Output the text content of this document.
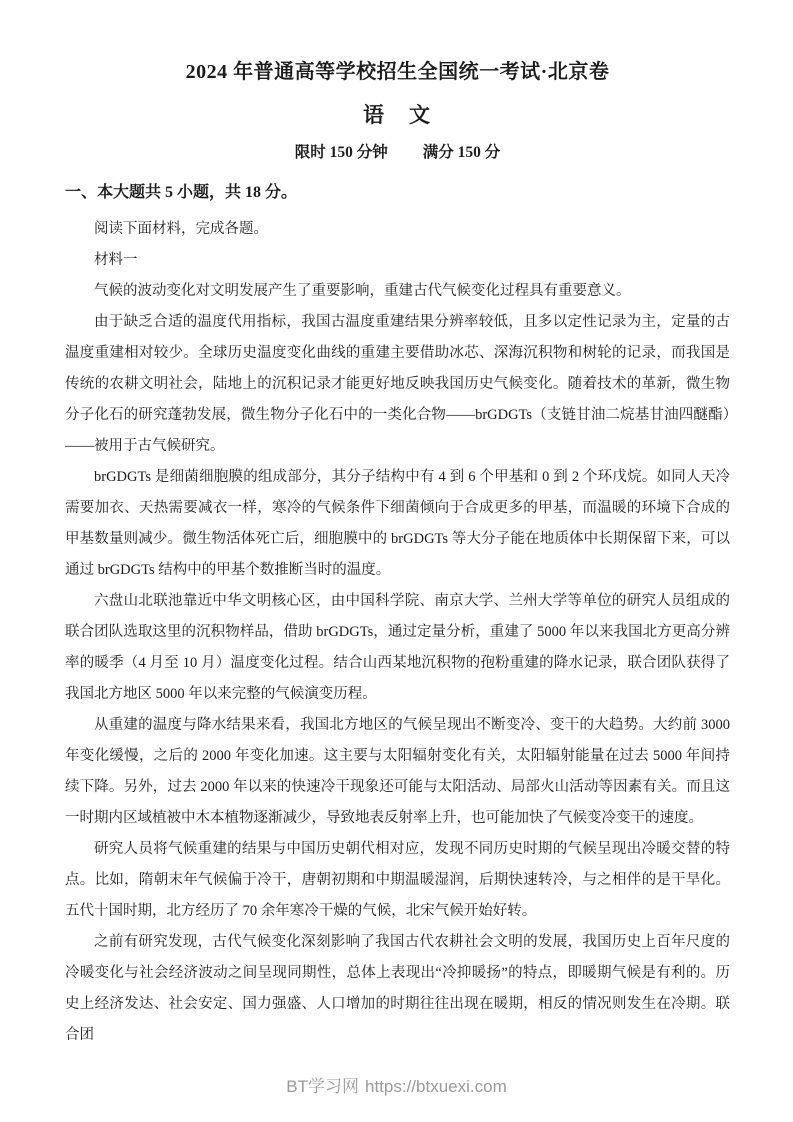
2024 年普通高等学校招生全国统一考试·北京卷
语　文
限时 150 分钟 满分 150 分
一、本大题共 5 小题，共 18 分。

阅读下面材料，完成各题。

材料一

气候的波动变化对文明发展产生了重要影响，重建古代气候变化过程具有重要意义。

由于缺乏合适的温度代用指标，我国古温度重建结果分辨率较低，且多以定性记录为主，定量的古温度重建相对较少。全球历史温度变化曲线的重建主要借助冰芯、深海沉积物和树轮的记录，而我国是传统的农耕文明社会，陆地上的沉积记录才能更好地反映我国历史气候变化。随着技术的革新，微生物分子化石的研究蓬勃发展，微生物分子化石中的一类化合物——brGDGTs（支链甘油二烷基甘油四醚酯）——被用于古气候研究。

brGDGTs 是细菌细胞膜的组成部分，其分子结构中有 4 到 6 个甲基和 0 到 2 个环戊烷。如同人天冷需要加衣、天热需要减衣一样，寒冷的气候条件下细菌倾向于合成更多的甲基，而温暖的环境下合成的甲基数量则减少。微生物活体死亡后，细胞膜中的 brGDGTs 等大分子能在地质体中长期保留下来，可以通过 brGDGTs 结构中的甲基个数推断当时的温度。

六盘山北联池靠近中华文明核心区，由中国科学院、南京大学、兰州大学等单位的研究人员组成的联合团队选取这里的沉积物样品，借助 brGDGTs，通过定量分析，重建了 5000 年以来我国北方更高分辨率的暖季（4 月至 10 月）温度变化过程。结合山西某地沉积物的孢粉重建的降水记录，联合团队获得了我国北方地区 5000 年以来完整的气候演变历程。

从重建的温度与降水结果来看，我国北方地区的气候呈现出不断变冷、变干的大趋势。大约前 3000 年变化缓慢，之后的 2000 年变化加速。这主要与太阳辐射变化有关，太阳辐射能量在过去 5000 年间持续下降。另外，过去 2000 年以来的快速冷干现象还可能与太阳活动、局部火山活动等因素有关。而且这一时期内区域植被中木本植物逐渐减少，导致地表反射率上升，也可能加快了气候变冷变干的速度。

研究人员将气候重建的结果与中国历史朝代相对应，发现不同历史时期的气候呈现出冷暖交替的特点。比如，隋朝末年气候偏于冷干，唐朝初期和中期温暖湿润，后期快速转冷，与之相伴的是干旱化。五代十国时期，北方经历了 70 余年寒冷干燥的气候，北宋气候开始好转。

之前有研究发现，古代气候变化深刻影响了我国古代农耕社会文明的发展，我国历史上百年尺度的冷暖变化与社会经济波动之间呈现同期性，总体上表现出“冷抑暖扬”的特点，即暖期气候是有利的。历史上经济发达、社会安定、国力强盛、人口增加的时期往往出现在暖期，相反的情况则发生在冷期。联合团

BT学习网 https://btxuexi.com
